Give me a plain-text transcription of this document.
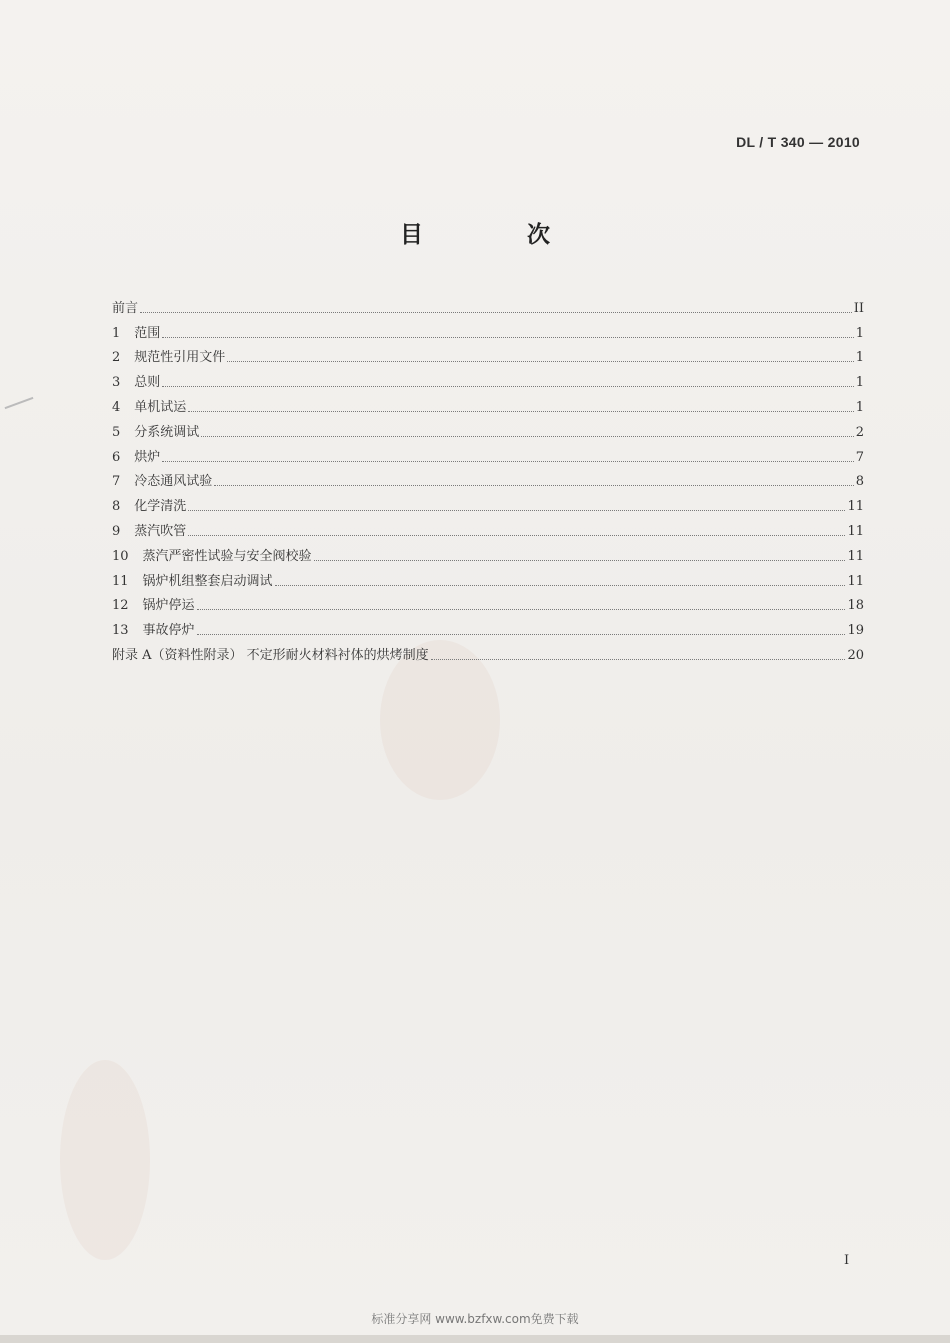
DL / T 340 — 2010
目 次
前言	II
1 范围	1
2 规范性引用文件	1
3 总则	1
4 单机试运	1
5 分系统调试	2
6 烘炉	7
7 冷态通风试验	8
8 化学清洗	11
9 蒸汽吹管	11
10 蒸汽严密性试验与安全阀校验	11
11 锅炉机组整套启动调试	11
12 锅炉停运	18
13 事故停炉	19
附录 A（资料性附录） 不定形耐火材料衬体的烘烤制度	20
I
标准分享网 www.bzfxw.com免费下载
